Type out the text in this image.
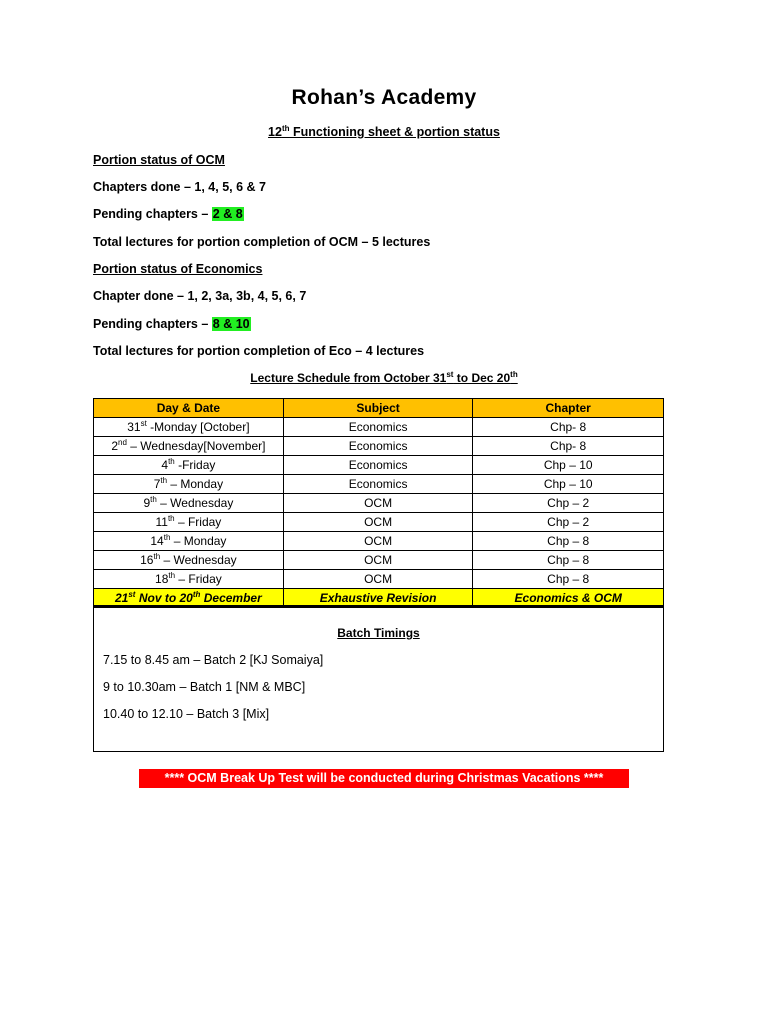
Rohan’s Academy
12th Functioning sheet & portion status
Portion status of OCM
Chapters done – 1, 4, 5, 6 & 7
Pending chapters – 2 & 8
Total lectures for portion completion of OCM – 5 lectures
Portion status of Economics
Chapter done – 1, 2, 3a, 3b, 4, 5, 6, 7
Pending chapters – 8 & 10
Total lectures for portion completion of Eco – 4 lectures
Lecture Schedule from October 31st to Dec 20th
Day & Date	Subject	Chapter
31st -Monday [October]	Economics	Chp- 8
2nd – Wednesday[November]	Economics	Chp- 8
4th -Friday	Economics	Chp – 10
7th – Monday	Economics	Chp – 10
9th – Wednesday	OCM	Chp – 2
11th – Friday	OCM	Chp – 2
14th – Monday	OCM	Chp – 8
16th – Wednesday	OCM	Chp – 8
18th – Friday	OCM	Chp – 8
21st Nov to 20th December	Exhaustive Revision	Economics & OCM
Batch Timings
7.15 to 8.45 am – Batch 2 [KJ Somaiya]
9 to 10.30am – Batch 1 [NM & MBC]
10.40 to 12.10 – Batch 3 [Mix]
**** OCM Break Up Test will be conducted during Christmas Vacations ****
